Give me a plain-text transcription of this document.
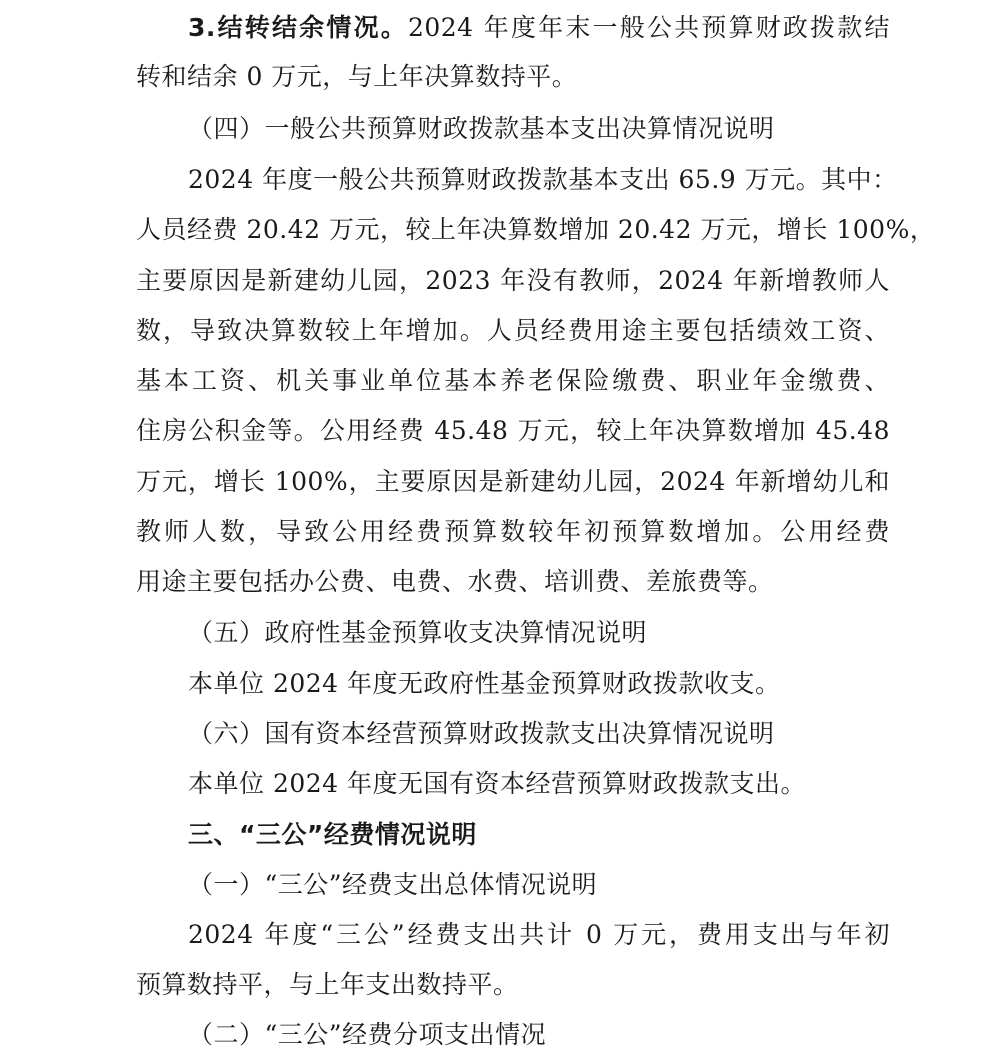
3.结转结余情况。2024 年度年末一般公共预算财政拨款结
转和结余 0 万元，与上年决算数持平。
（四）一般公共预算财政拨款基本支出决算情况说明
2024 年度一般公共预算财政拨款基本支出 65.9 万元。其中：
人员经费 20.42 万元，较上年决算数增加 20.42 万元，增长 100%，
主要原因是新建幼儿园，2023 年没有教师，2024 年新增教师人
数，导致决算数较上年增加。人员经费用途主要包括绩效工资、
基本工资、机关事业单位基本养老保险缴费、职业年金缴费、
住房公积金等。公用经费 45.48 万元，较上年决算数增加 45.48
万元，增长 100%，主要原因是新建幼儿园，2024 年新增幼儿和
教师人数，导致公用经费预算数较年初预算数增加。公用经费
用途主要包括办公费、电费、水费、培训费、差旅费等。
（五）政府性基金预算收支决算情况说明
本单位 2024 年度无政府性基金预算财政拨款收支。
（六）国有资本经营预算财政拨款支出决算情况说明
本单位 2024 年度无国有资本经营预算财政拨款支出。
三、“三公”经费情况说明
（一）“三公”经费支出总体情况说明
2024 年度“三公”经费支出共计 0 万元，费用支出与年初
预算数持平，与上年支出数持平。
（二）“三公”经费分项支出情况
